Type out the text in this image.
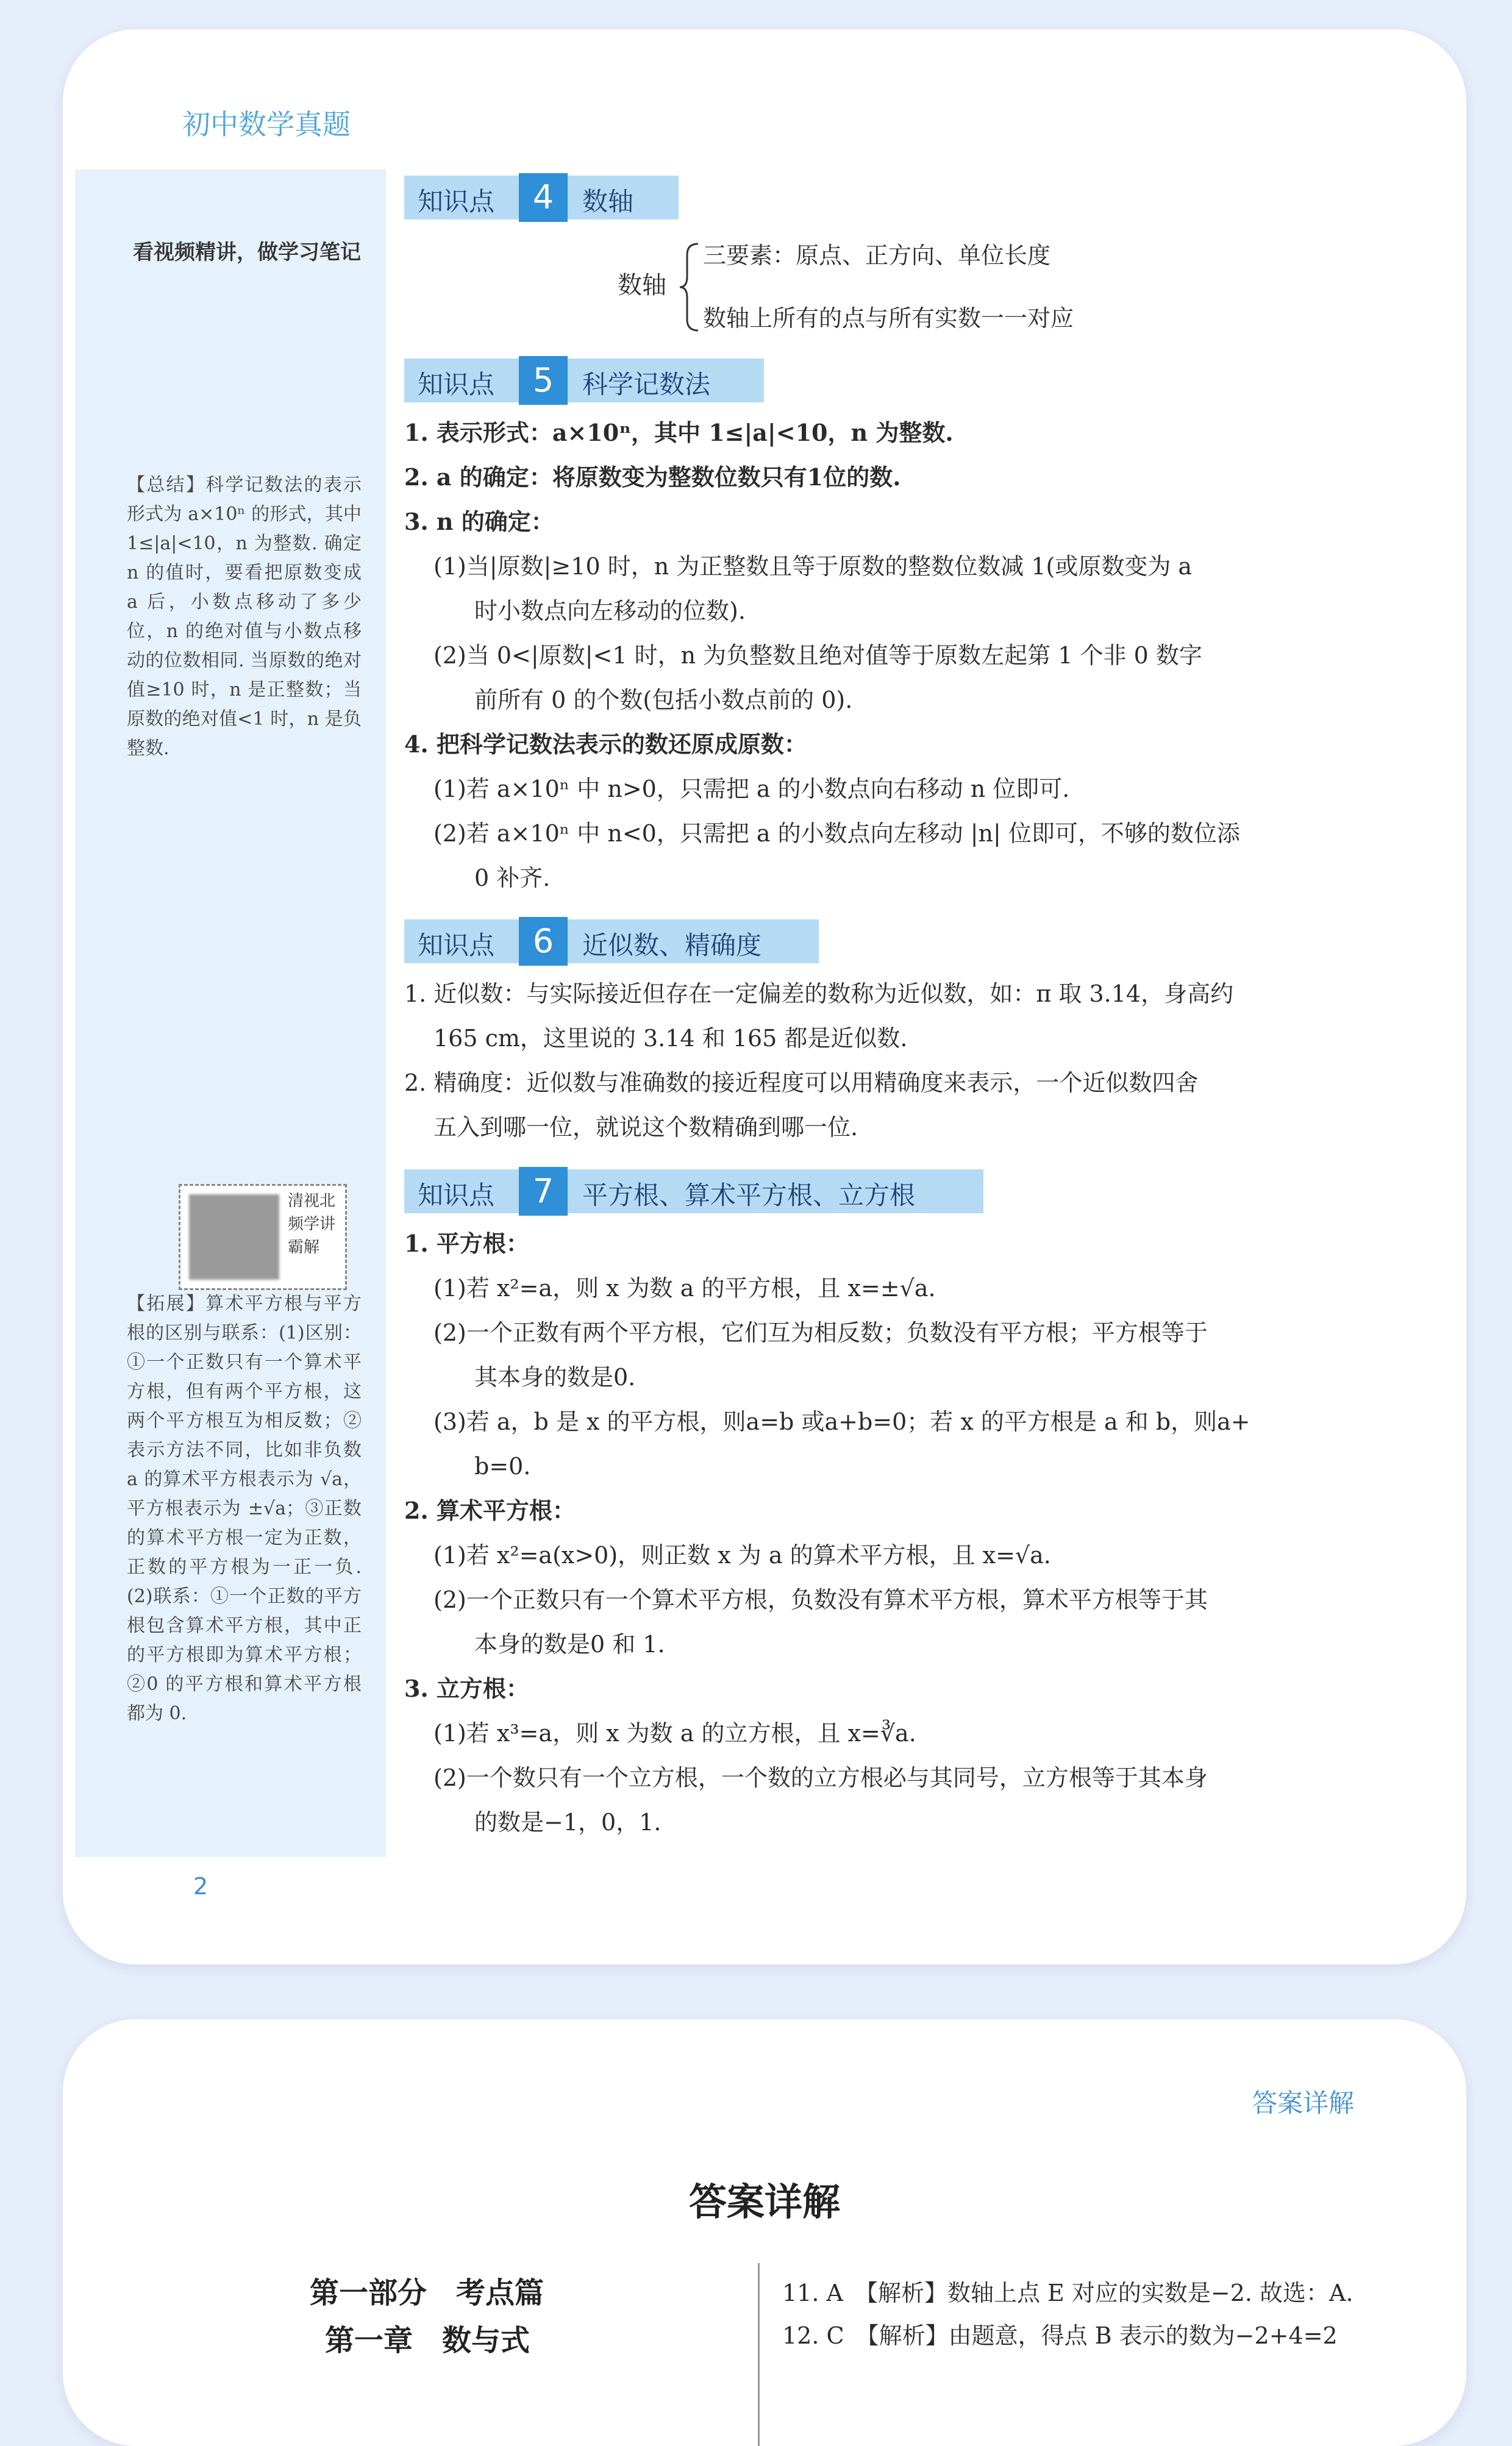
初中数学真题
看视频精讲，做学习笔记
【总结】科学记数法的表示形式为 a×10ⁿ 的形式，其中 1≤|a|<10，n 为整数. 确定 n 的值时，要看把原数变成 a 后，小数点移动了多少位，n 的绝对值与小数点移动的位数相同. 当原数的绝对值≥10 时，n 是正整数；当原数的绝对值<1 时，n 是负整数.
清视北频学讲霸解
【拓展】算术平方根与平方根的区别与联系：(1)区别：①一个正数只有一个算术平方根，但有两个平方根，这两个平方根互为相反数；②表示方法不同，比如非负数 a 的算术平方根表示为 √a，平方根表示为 ±√a；③正数的算术平方根一定为正数，正数的平方根为一正一负. (2)联系：①一个正数的平方根包含算术平方根，其中正的平方根即为算术平方根；②0 的平方根和算术平方根都为 0.
知识点	4	数轴
数轴
三要素：原点、正方向、单位长度
数轴上所有的点与所有实数一一对应
知识点	5	科学记数法
1. 表示形式：a×10ⁿ，其中 1≤|a|<10，n 为整数.
2. a 的确定：将原数变为整数位数只有1位的数.
3. n 的确定：
(1)当|原数|≥10 时，n 为正整数且等于原数的整数位数减 1(或原数变为 a
时小数点向左移动的位数).
(2)当 0<|原数|<1 时，n 为负整数且绝对值等于原数左起第 1 个非 0 数字
前所有 0 的个数(包括小数点前的 0).
4. 把科学记数法表示的数还原成原数：
(1)若 a×10ⁿ 中 n>0，只需把 a 的小数点向右移动 n 位即可.
(2)若 a×10ⁿ 中 n<0，只需把 a 的小数点向左移动 |n| 位即可，不够的数位添
0 补齐.
知识点	6	近似数、精确度
1. 近似数：与实际接近但存在一定偏差的数称为近似数，如：π 取 3.14，身高约
165 cm，这里说的 3.14 和 165 都是近似数.
2. 精确度：近似数与准确数的接近程度可以用精确度来表示，一个近似数四舍
五入到哪一位，就说这个数精确到哪一位.
知识点	7	平方根、算术平方根、立方根
1. 平方根：
(1)若 x²=a，则 x 为数 a 的平方根，且 x=±√a.
(2)一个正数有两个平方根，它们互为相反数；负数没有平方根；平方根等于
其本身的数是0.
(3)若 a，b 是 x 的平方根，则a=b 或a+b=0；若 x 的平方根是 a 和 b，则a+
b=0.
2. 算术平方根：
(1)若 x²=a(x>0)，则正数 x 为 a 的算术平方根，且 x=√a.
(2)一个正数只有一个算术平方根，负数没有算术平方根，算术平方根等于其
本身的数是0 和 1.
3. 立方根：
(1)若 x³=a，则 x 为数 a 的立方根，且 x=∛a.
(2)一个数只有一个立方根，一个数的立方根必与其同号，立方根等于其本身
的数是−1，0，1.
2
答案详解
答案详解
第一部分　考点篇
第一章　数与式
11. A　【解析】数轴上点 E 对应的实数是−2. 故选：A.
12. C　【解析】由题意，得点 B 表示的数为−2+4=2
